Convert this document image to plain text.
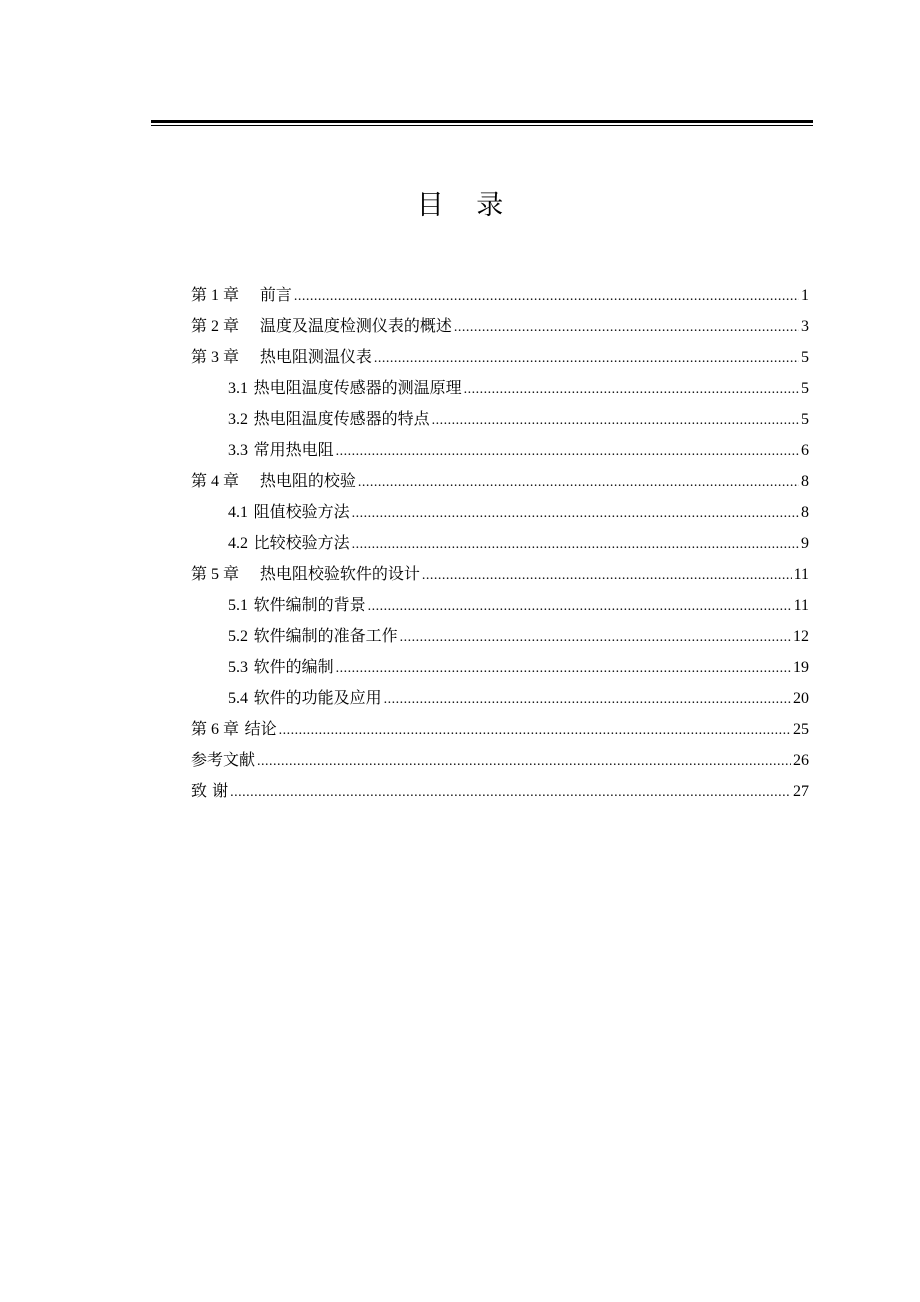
目 录
第 1 章 前言 .....	1
第 2 章 温度及温度检测仪表的概述 .....	3
第 3 章 热电阻测温仪表 .....	5
3.1 热电阻温度传感器的测温原理 .....	5
3.2 热电阻温度传感器的特点 .....	5
3.3 常用热电阻 .....	6
第 4 章 热电阻的校验 .....	8
4.1 阻值校验方法 .....	8
4.2 比较校验方法 .....	9
第 5 章 热电阻校验软件的设计 .....	11
5.1 软件编制的背景 .....	11
5.2 软件编制的准备工作 .....	12
5.3 软件的编制 .....	19
5.4 软件的功能及应用 .....	20
第 6 章 结论 .....	25
参考文献 .....	26
致 谢 .....	27
